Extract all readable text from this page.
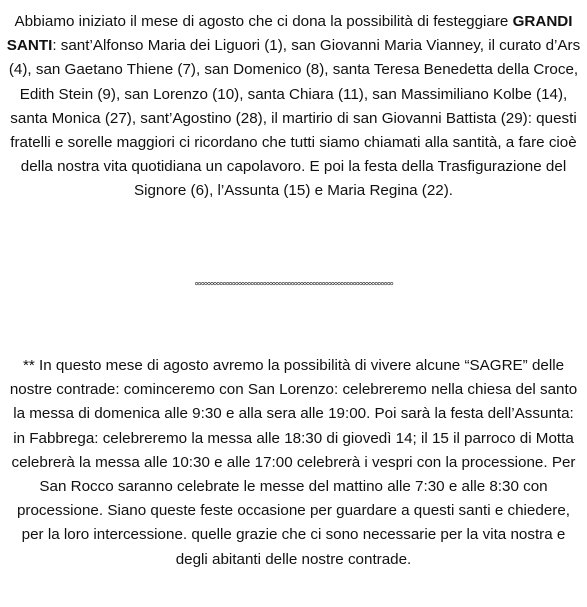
Abbiamo iniziato il mese di agosto che ci dona la possibilità di festeggiare GRANDI SANTI: sant’Alfonso Maria dei Liguori (1), san Giovanni Maria Vianney, il curato d’Ars (4), san Gaetano Thiene (7), san Domenico (8), santa Teresa Benedetta della Croce, Edith Stein (9), san Lorenzo (10), santa Chiara (11), san Massimiliano Kolbe (14), santa Monica (27), sant’Agostino (28), il martirio di san Giovanni Battista (29): questi fratelli e sorelle maggiori ci ricordano che tutti siamo chiamati alla santità, a fare cioè della nostra vita quotidiana un capolavoro. E poi la festa della Trasfigurazione del Signore (6), l’Assunta (15) e Maria Regina (22).

°°°°°°°°°°°°°°°°°°°°°°°°°°°°°°°°°°°°°°°°°°°°°°°°°°°°°°°°°°°°°°°°

** In questo mese di agosto avremo la possibilità di vivere alcune “SAGRE” delle nostre contrade: cominceremo con San Lorenzo: celebreremo nella chiesa del santo la messa di domenica alle 9:30 e alla sera alle 19:00. Poi sarà la festa dell’Assunta: in Fabbrega: celebreremo la messa alle 18:30 di giovedì 14; il 15 il parroco di Motta celebrerà la messa alle 10:30 e alle 17:00 celebrerà i vespri con la processione. Per San Rocco saranno celebrate le messe del mattino alle 7:30 e alle 8:30 con processione. Siano queste feste occasione per guardare a questi santi e chiedere, per la loro intercessione. quelle grazie che ci sono necessarie per la vita nostra e degli abitanti delle nostre contrade.
